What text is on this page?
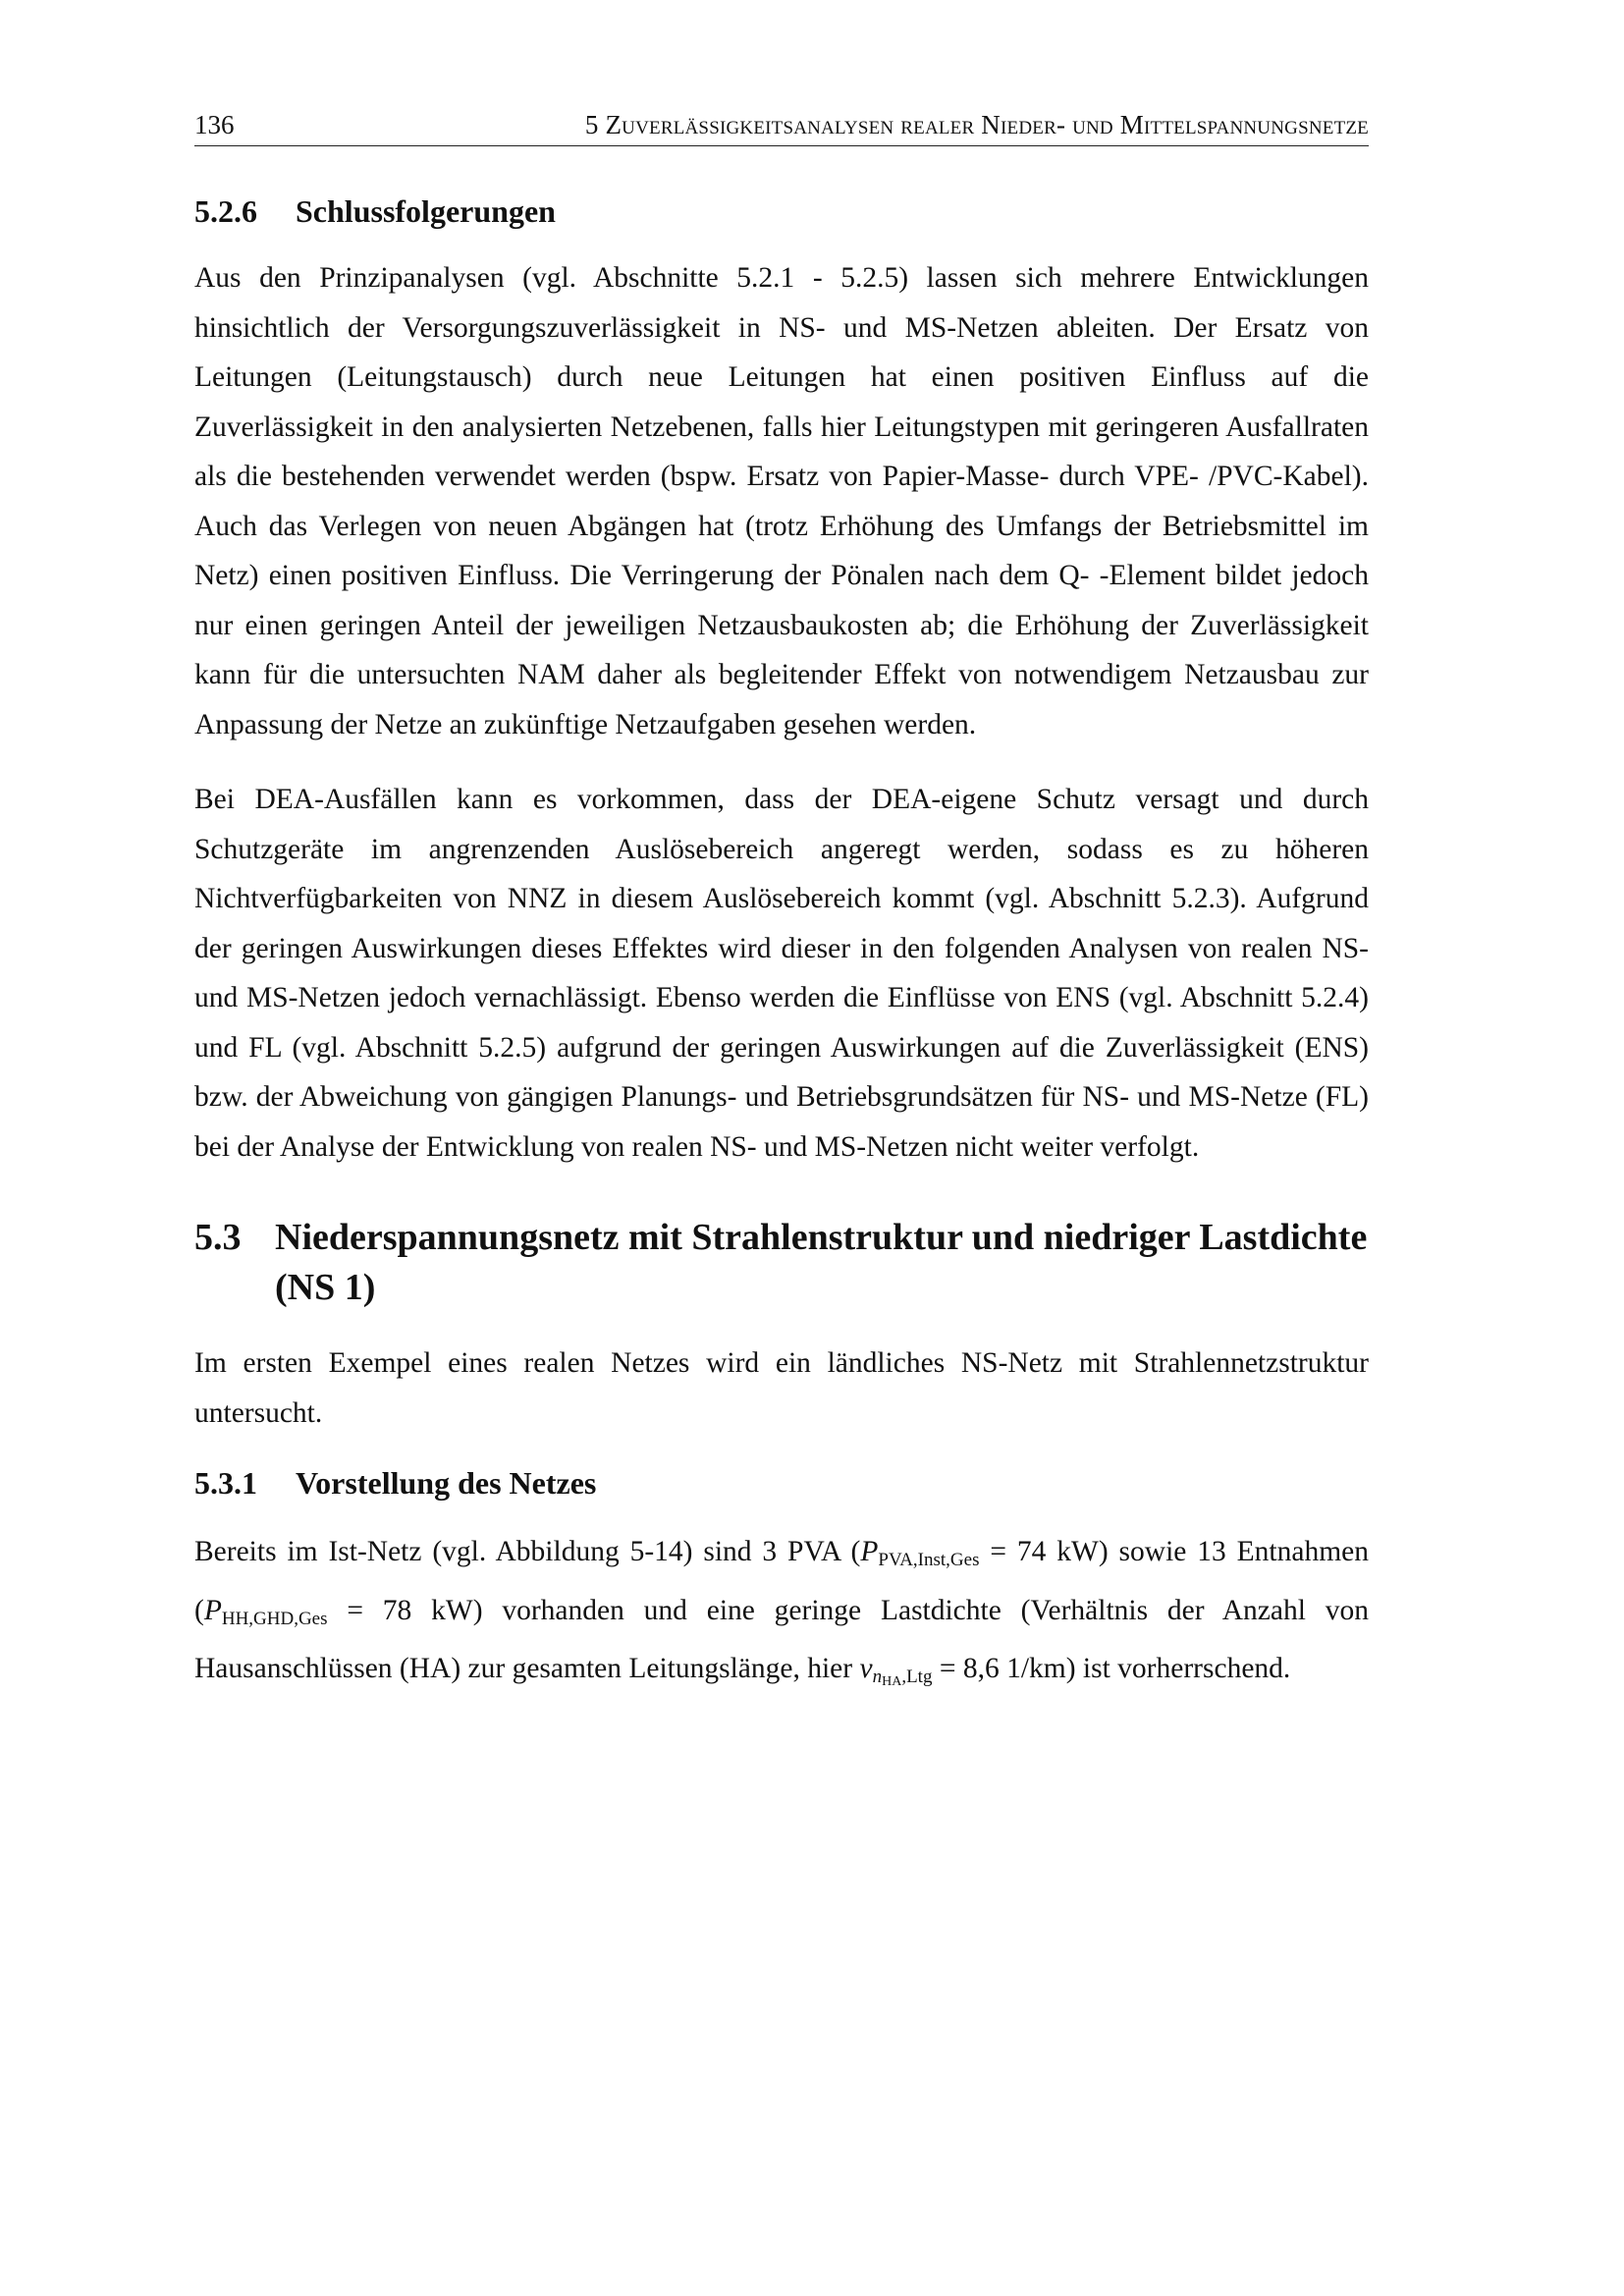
136	5 Zuverlässigkeitsanalysen realer Nieder- und Mittelspannungsnetze
5.2.6	Schlussfolgerungen

Aus den Prinzipanalysen (vgl. Abschnitte 5.2.1 - 5.2.5) lassen sich mehrere Entwicklungen hinsichtlich der Versorgungszuverlässigkeit in NS- und MS-Netzen ableiten. Der Ersatz von Leitungen (Leitungstausch) durch neue Leitungen hat einen positiven Einfluss auf die Zuverlässigkeit in den analysierten Netzebenen, falls hier Leitungstypen mit geringeren Ausfallraten als die bestehenden verwendet werden (bspw. Ersatz von Papier-Masse- durch VPE- /PVC-Kabel). Auch das Verlegen von neuen Abgängen hat (trotz Erhöhung des Umfangs der Betriebsmittel im Netz) einen positiven Einfluss. Die Verringerung der Pönalen nach dem Q- -Element bildet jedoch nur einen geringen Anteil der jeweiligen Netzausbaukosten ab; die Erhöhung der Zuverlässigkeit kann für die untersuchten NAM daher als begleitender Effekt von notwendigem Netzausbau zur Anpassung der Netze an zukünftige Netzaufgaben gesehen werden.

Bei DEA-Ausfällen kann es vorkommen, dass der DEA-eigene Schutz versagt und durch Schutzgeräte im angrenzenden Auslösebereich angeregt werden, sodass es zu höheren Nichtverfügbarkeiten von NNZ in diesem Auslösebereich kommt (vgl. Abschnitt 5.2.3). Aufgrund der geringen Auswirkungen dieses Effektes wird dieser in den folgenden Analysen von realen NS- und MS-Netzen jedoch vernachlässigt. Ebenso werden die Einflüsse von ENS (vgl. Abschnitt 5.2.4) und FL (vgl. Abschnitt 5.2.5) aufgrund der geringen Auswirkungen auf die Zuverlässigkeit (ENS) bzw. der Abweichung von gängigen Planungs- und Betriebsgrundsätzen für NS- und MS-Netze (FL) bei der Analyse der Entwicklung von realen NS- und MS-Netzen nicht weiter verfolgt.

5.3 Niederspannungsnetz mit Strahlenstruktur und niedriger Lastdichte (NS 1)

Im ersten Exempel eines realen Netzes wird ein ländliches NS-Netz mit Strahlennetzstruktur untersucht.

5.3.1	Vorstellung des Netzes

Bereits im Ist-Netz (vgl. Abbildung 5-14) sind 3 PVA ($P_{PVA,Inst,Ges} = 74$ kW) sowie 13 Entnahmen ($P_{HH,GHD,Ges} = 78$ kW) vorhanden und eine geringe Lastdichte (Verhältnis der Anzahl von Hausanschlüssen (HA) zur gesamten Leitungslänge, hier $v_{nHA,Ltg} = 8,6$ 1/km) ist vorherrschend.
